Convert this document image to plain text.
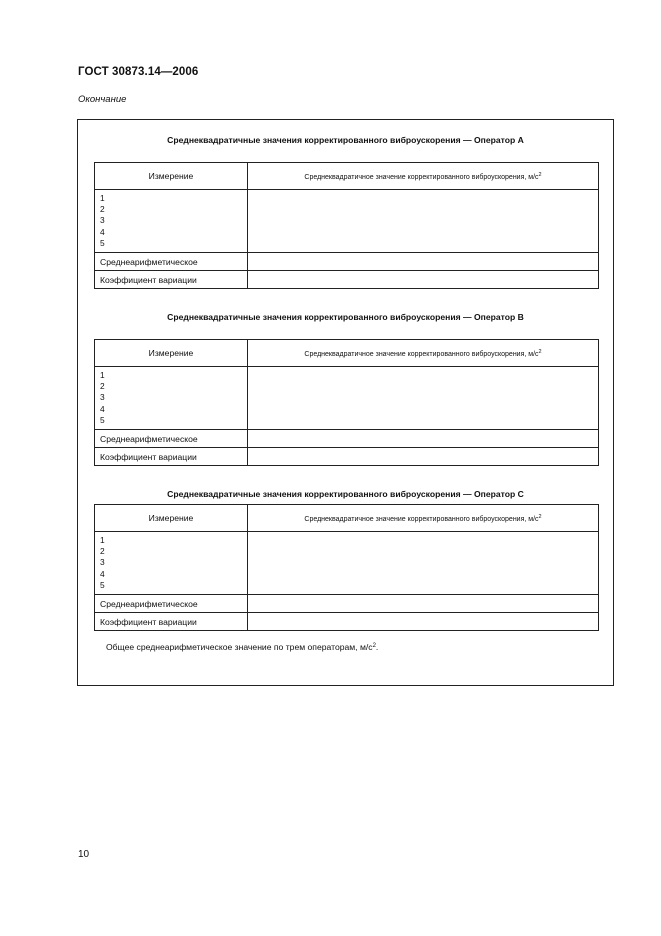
ГОСТ 30873.14—2006
Окончание
Среднеквадратичные значения корректированного виброускорения — Оператор А
Измерение	Среднеквадратичное значение корректированного виброускорения, $м/с^2$

1
2
3
4
5	

Среднеарифметическое	
Коэффициент вариации	
Среднеквадратичные значения корректированного виброускорения — Оператор В
Измерение	Среднеквадратичное значение корректированного виброускорения, $м/с^2$

1
2
3
4
5	

Среднеарифметическое	
Коэффициент вариации	
Среднеквадратичные значения корректированного виброускорения — Оператор С
Измерение	Среднеквадратичное значение корректированного виброускорения, $м/с^2$

1
2
3
4
5	

Среднеарифметическое	
Коэффициент вариации	
Общее среднеарифметическое значение по трем операторам, $м/с^2$.
10
